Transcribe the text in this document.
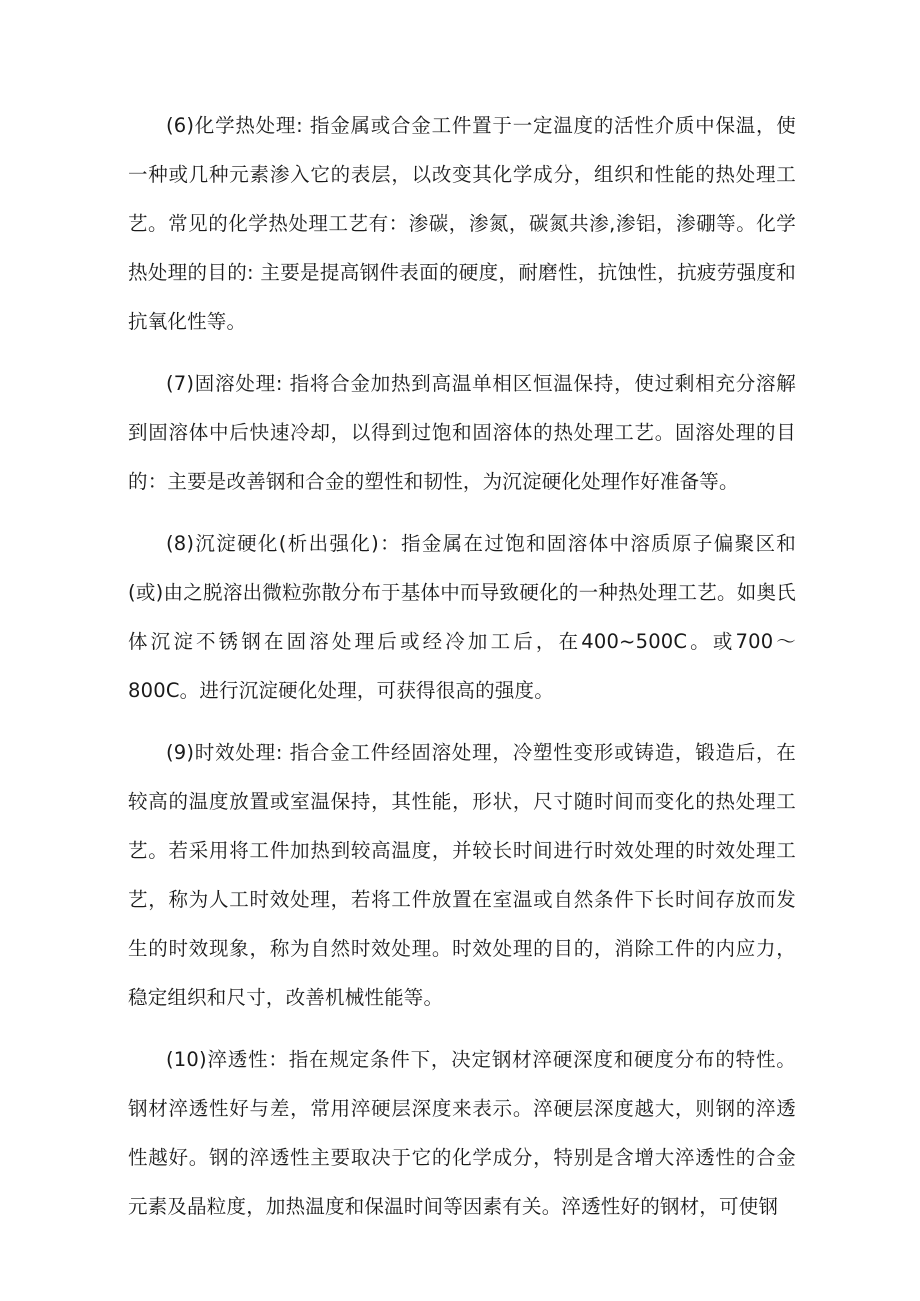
(6)化学热处理: 指金属或合金工件置于一定温度的活性介质中保温，使一种或几种元素渗入它的表层，以改变其化学成分，组织和性能的热处理工艺。常见的化学热处理工艺有：渗碳，渗氮，碳氮共渗,渗铝，渗硼等。化学热处理的目的: 主要是提高钢件表面的硬度，耐磨性，抗蚀性，抗疲劳强度和抗氧化性等。

(7)固溶处理: 指将合金加热到高温单相区恒温保持，使过剩相充分溶解到固溶体中后快速冷却，以得到过饱和固溶体的热处理工艺。固溶处理的目的：主要是改善钢和合金的塑性和韧性，为沉淀硬化处理作好准备等。

(8)沉淀硬化(析出强化)：指金属在过饱和固溶体中溶质原子偏聚区和(或)由之脱溶出微粒弥散分布于基体中而导致硬化的一种热处理工艺。如奥氏体沉淀不锈钢在固溶处理后或经冷加工后，在400~500C。或700～800C。进行沉淀硬化处理，可获得很高的强度。

(9)时效处理: 指合金工件经固溶处理，冷塑性变形或铸造，锻造后，在较高的温度放置或室温保持，其性能，形状，尺寸随时间而变化的热处理工艺。若采用将工件加热到较高温度，并较长时间进行时效处理的时效处理工艺，称为人工时效处理，若将工件放置在室温或自然条件下长时间存放而发生的时效现象，称为自然时效处理。时效处理的目的，消除工件的内应力，稳定组织和尺寸，改善机械性能等。

(10)淬透性：指在规定条件下，决定钢材淬硬深度和硬度分布的特性。钢材淬透性好与差，常用淬硬层深度来表示。淬硬层深度越大，则钢的淬透性越好。钢的淬透性主要取决于它的化学成分，特别是含增大淬透性的合金元素及晶粒度，加热温度和保温时间等因素有关。淬透性好的钢材，可使钢
